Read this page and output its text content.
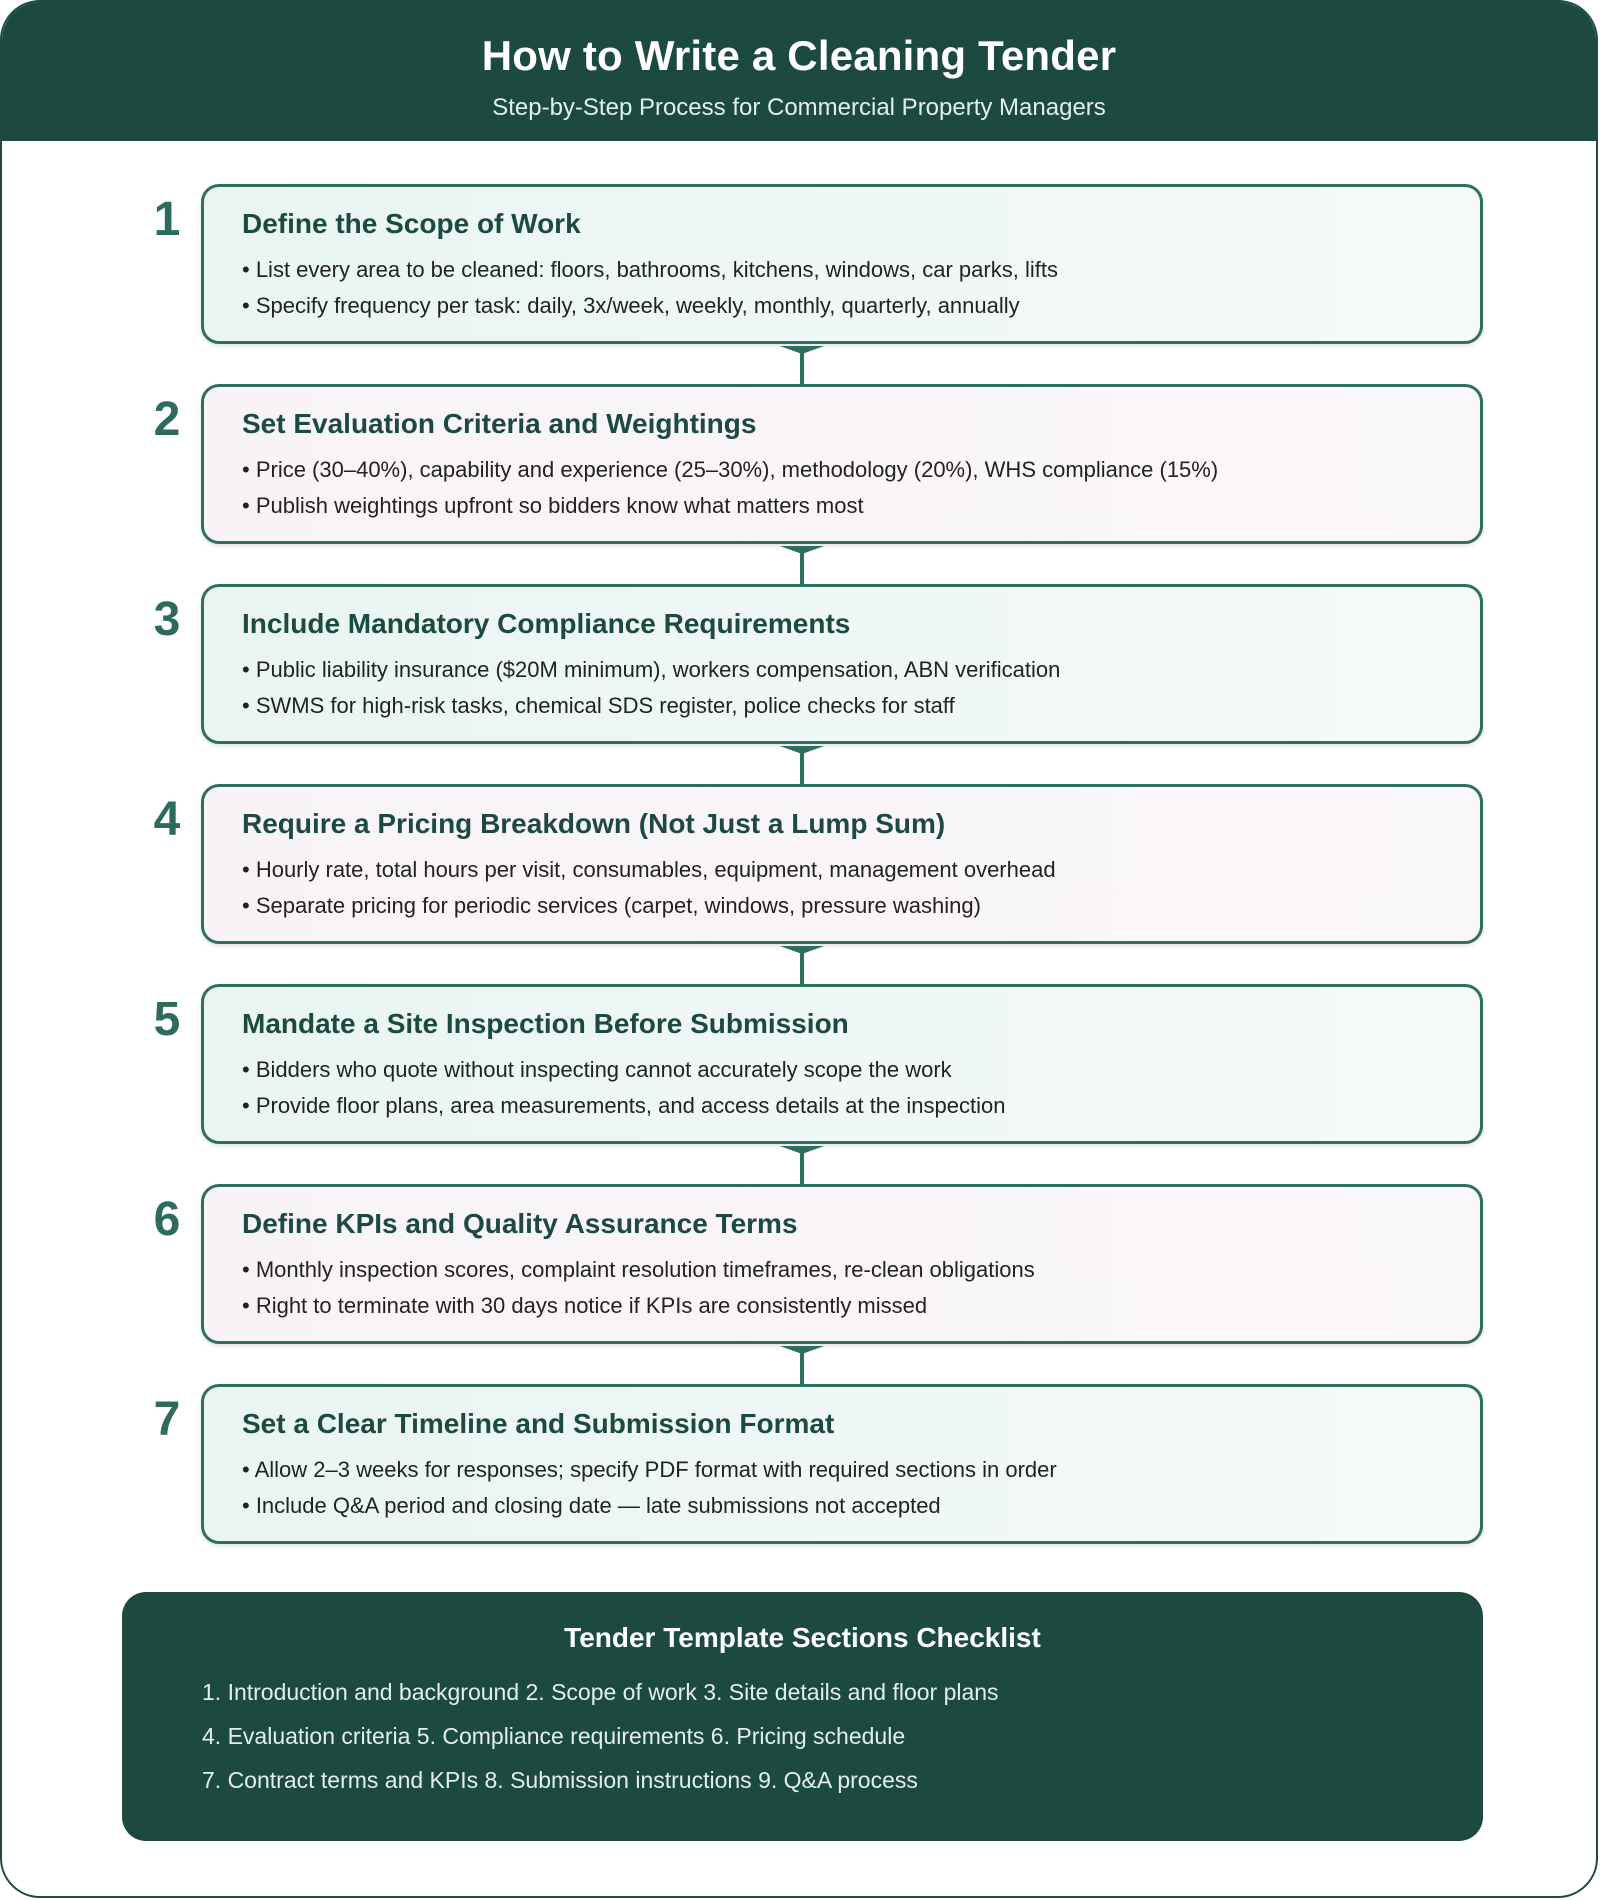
How to Write a Cleaning Tender
Step-by-Step Process for Commercial Property Managers
1	Define the Scope of Work
• List every area to be cleaned: floors, bathrooms, kitchens, windows, car parks, lifts
• Specify frequency per task: daily, 3x/week, weekly, monthly, quarterly, annually
2	Set Evaluation Criteria and Weightings
• Price (30–40%), capability and experience (25–30%), methodology (20%), WHS compliance (15%)
• Publish weightings upfront so bidders know what matters most
3	Include Mandatory Compliance Requirements
• Public liability insurance ($20M minimum), workers compensation, ABN verification
• SWMS for high-risk tasks, chemical SDS register, police checks for staff
4	Require a Pricing Breakdown (Not Just a Lump Sum)
• Hourly rate, total hours per visit, consumables, equipment, management overhead
• Separate pricing for periodic services (carpet, windows, pressure washing)
5	Mandate a Site Inspection Before Submission
• Bidders who quote without inspecting cannot accurately scope the work
• Provide floor plans, area measurements, and access details at the inspection
6	Define KPIs and Quality Assurance Terms
• Monthly inspection scores, complaint resolution timeframes, re-clean obligations
• Right to terminate with 30 days notice if KPIs are consistently missed
7	Set a Clear Timeline and Submission Format
• Allow 2–3 weeks for responses; specify PDF format with required sections in order
• Include Q&A period and closing date — late submissions not accepted
Tender Template Sections Checklist
1. Introduction and background 2. Scope of work 3. Site details and floor plans
4. Evaluation criteria 5. Compliance requirements 6. Pricing schedule
7. Contract terms and KPIs 8. Submission instructions 9. Q&A process
